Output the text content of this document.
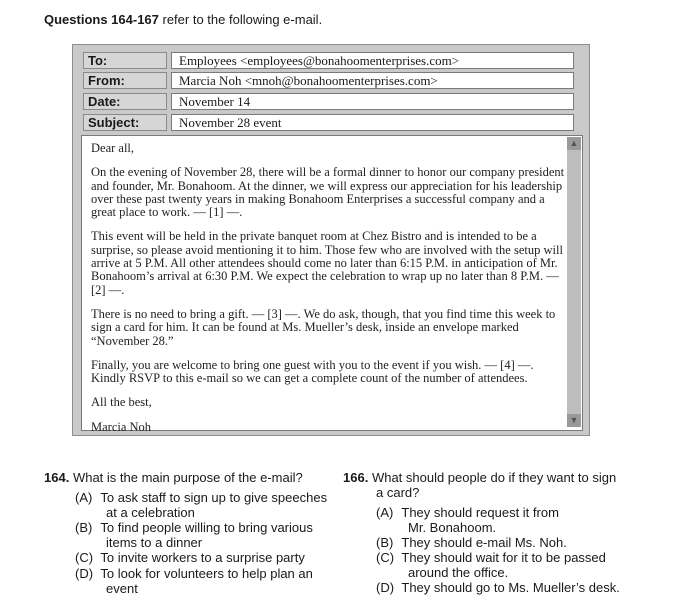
Questions 164-167 refer to the following e-mail.
To:	Employees <employees@bonahoomenterprises.com>
From:	Marcia Noh <mnoh@bonahoomenterprises.com>
Date:	November 14
Subject:	November 28 event

Dear all,

On the evening of November 28, there will be a formal dinner to honor our company president and founder, Mr. Bonahoom. At the dinner, we will express our appreciation for his leadership over these past twenty years in making Bonahoom Enterprises a successful company and a great place to work. — [1] —.

This event will be held in the private banquet room at Chez Bistro and is intended to be a surprise, so please avoid mentioning it to him. Those few who are involved with the setup will arrive at 5 P.M. All other attendees should come no later than 6:15 P.M. in anticipation of Mr. Bonahoom’s arrival at 6:30 P.M. We expect the celebration to wrap up no later than 8 P.M. — [2] —.

There is no need to bring a gift. — [3] —. We do ask, though, that you find time this week to sign a card for him. It can be found at Ms. Mueller’s desk, inside an envelope marked “November 28.”

Finally, you are welcome to bring one guest with you to the event if you wish. — [4] —. Kindly RSVP to this e-mail so we can get a complete count of the number of attendees.

All the best,

Marcia Noh

▲
▼
164. What is the main purpose of the e-mail?
(A) To ask staff to sign up to give speeches
at a celebration
(B) To find people willing to bring various
items to a dinner
(C) To invite workers to a surprise party
(D) To look for volunteers to help plan an
event
166. What should people do if they want to sign
a card?
(A) They should request it from
Mr. Bonahoom.
(B) They should e-mail Ms. Noh.
(C) They should wait for it to be passed
around the office.
(D) They should go to Ms. Mueller’s desk.
